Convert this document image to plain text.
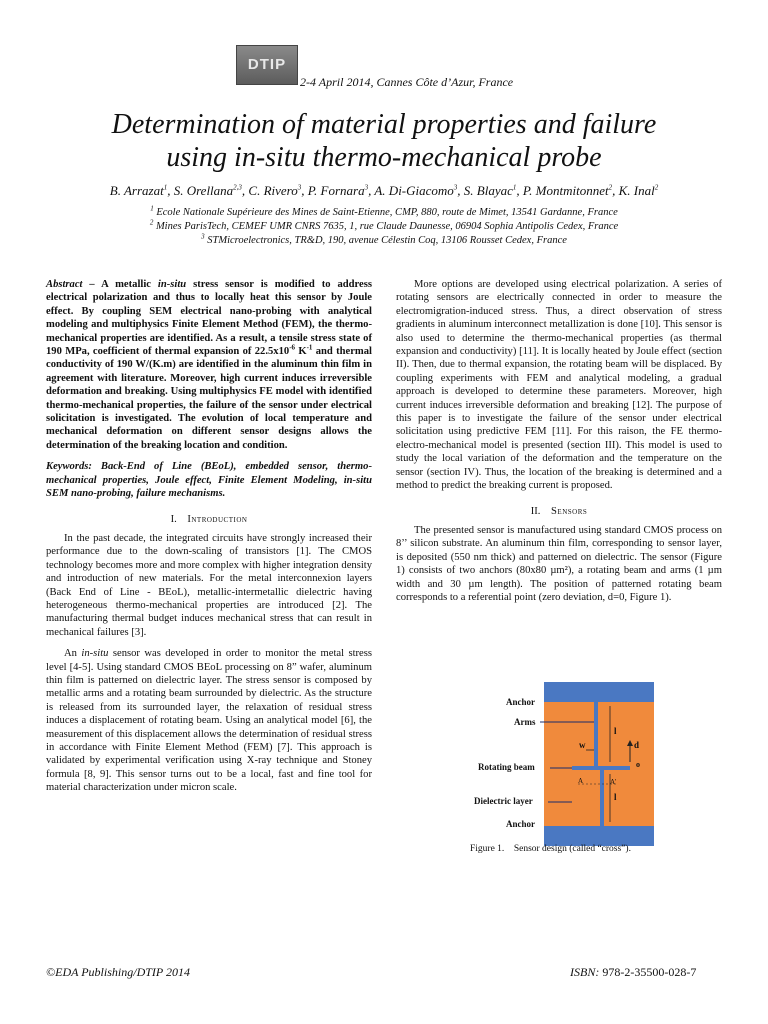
DTIP
2-4 April 2014, Cannes Côte d’Azur, France
Determination of material properties and failure
using in-situ thermo-mechanical probe
B. Arrazat$^1$, S. Orellana$^{2,3}$, C. Rivero$^3$, P. Fornara$^3$, A. Di-Giacomo$^3$, S. Blayac$^1$, P. Montmitonnet$^2$, K. Inal$^2$
$^1$ Ecole Nationale Supérieure des Mines de Saint-Etienne, CMP, 880, route de Mimet, 13541 Gardanne, France
$^2$ Mines ParisTech, CEMEF UMR CNRS 7635, 1, rue Claude Daunesse, 06904 Sophia Antipolis Cedex, France
$^3$ STMicroelectronics, TR&D, 190, avenue Célestin Coq, 13106 Rousset Cedex, France

Abstract – A metallic in-situ stress sensor is modified to address electrical polarization and thus to locally heat this sensor by Joule effect. By coupling SEM electrical nano-probing with analytical modeling and multiphysics Finite Element Method (FEM), the thermo-mechanical properties are identified. As a result, a tensile stress state of 190 MPa, coefficient of thermal expansion of $22.5x10^{-6}$ $K^{-1}$ and thermal conductivity of 190 W/(K.m) are identified in the aluminum thin film in agreement with literature. Moreover, high current induces irreversible deformation and breaking. Using multiphysics FE model with identified thermo-mechanical properties, the failure of the sensor under electrical solicitation is investigated. The evolution of local temperature and mechanical deformation on different sensor designs allows the determination of the breaking location and condition.

Keywords: Back-End of Line (BEoL), embedded sensor, thermo-mechanical properties, Joule effect, Finite Element Modeling, in-situ SEM nano-probing, failure mechanisms.

I. Introduction

In the past decade, the integrated circuits have strongly increased their performance due to the down-scaling of transistors [1]. The CMOS technology becomes more and more complex with higher integration density and introduction of new materials. For the metal interconnexion layers (Back End of Line - BEoL), metallic-intermetallic dielectric having heterogeneous thermo-mechanical properties are introduced [2]. The manufacturing thermal budget induces mechanical stress that can result in mechanical failures [3].

An in-situ sensor was developed in order to monitor the metal stress level [4-5]. Using standard CMOS BEoL processing on 8” wafer, aluminum thin film is patterned on dielectric layer. The stress sensor is composed by metallic arms and a rotating beam surrounded by dielectric. As the structure is released from its surrounded layer, the relaxation of residual stress induces a displacement of rotating beam. Using an analytical model [6], the measurement of this displacement allows the determination of residual stress in accordance with Finite Element Method (FEM) [7]. This approach is validated by experimental verification using X-ray technique and Stoney formula [8, 9]. This sensor turns out to be a local, fast and fine tool for material characterization under micron scale.

More options are developed using electrical polarization. A series of rotating sensors are electrically connected in order to measure the electromigration-induced stress. Thus, a direct observation of stress gradients in aluminum interconnect metallization is done [10]. This sensor is also used to determine the thermo-mechanical properties (as thermal expansion and conductivity) [11]. It is locally heated by Joule effect (section II). Then, due to thermal expansion, the rotating beam will be displaced. By coupling experiments with FEM and analytical modeling, a gradual approach is developed to determine these parameters. Moreover, high current induces irreversible deformation and breaking [12]. The purpose of this paper is to investigate the failure of the sensor under electrical solicitation using predictive FEM [11]. For this raison, the FE thermo-electro-mechanical model is presented (section III). This model is used to study the local variation of the deformation and the temperature on the sensor (section IV). Thus, the location of the breaking is determined and a method to predict the breaking current is proposed.

II. Sensors

The presented sensor is manufactured using standard CMOS process on 8’’ silicon substrate. An aluminum thin film, corresponding to sensor layer, is deposited (550 nm thick) and patterned on dielectric. The sensor (Figure 1) consists of two anchors (80x80 µm²), a rotating beam and arms (1 µm width and 30 µm length). The position of patterned rotating beam corresponds to a referential point (zero deviation, d=0, Figure 1).

Anchor
Arms
Rotating beam
Dielectric layer
Anchor
l
l
w	d
o
A	A'
Figure 1. Sensor design (called “cross”).
©EDA Publishing/DTIP 2014	ISBN: 978-2-35500-028-7
